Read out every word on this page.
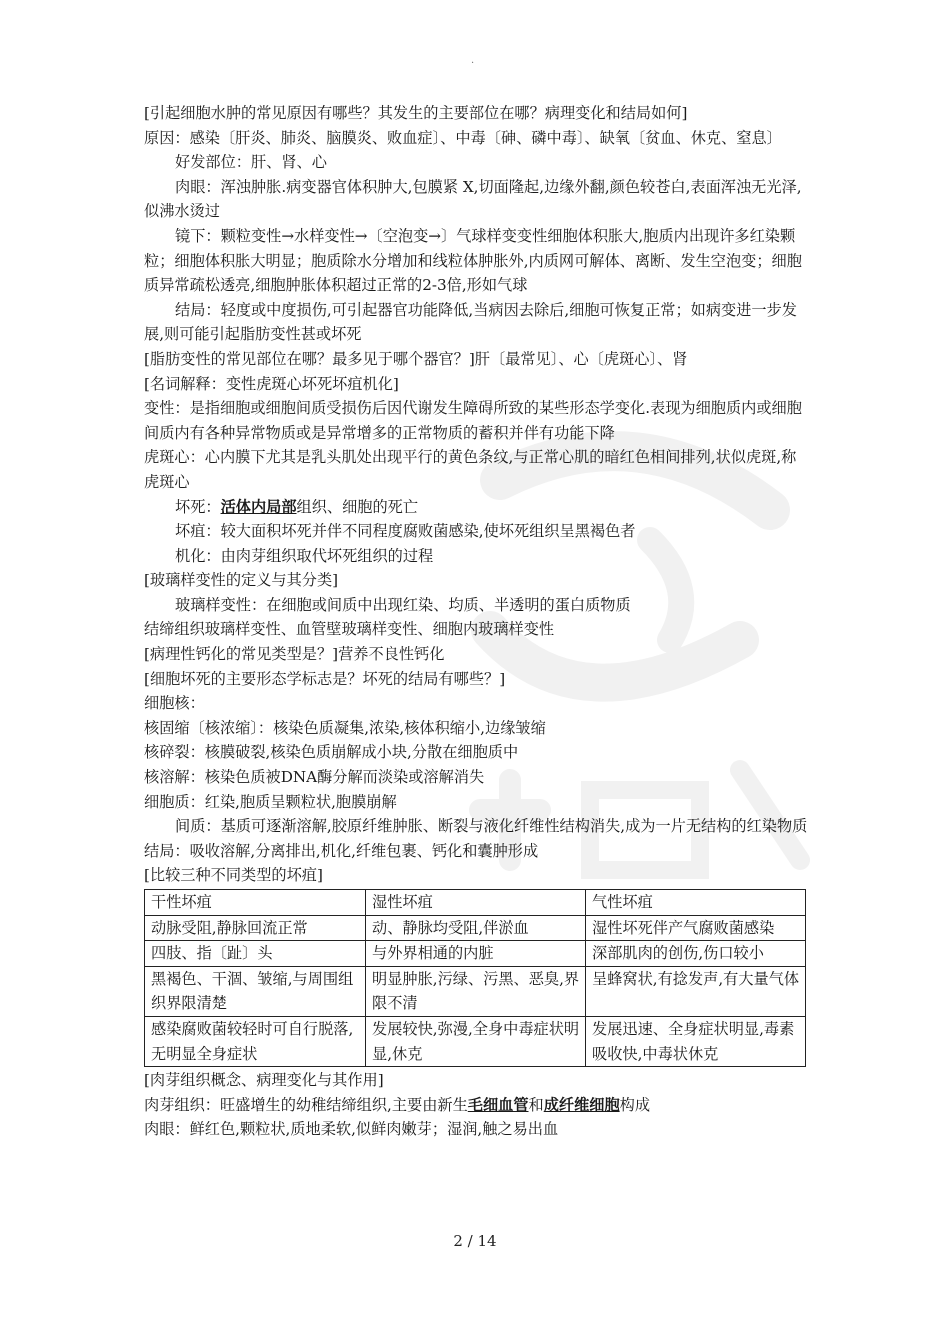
·

[引起细胞水肿的常见原因有哪些？其发生的主要部位在哪？病理变化和结局如何]

原因：感染〔肝炎、肺炎、脑膜炎、败血症〕、中毒〔砷、磷中毒〕、缺氧〔贫血、休克、窒息〕

好发部位：肝、肾、心

肉眼：浑浊肿胀.病变器官体积肿大,包膜紧 X,切面隆起,边缘外翻,颜色较苍白,表面浑浊无光泽,似沸水烫过

镜下：颗粒变性→水样变性→〔空泡变→〕气球样变变性细胞体积胀大,胞质内出现许多红染颗粒；细胞体积胀大明显；胞质除水分增加和线粒体肿胀外,内质网可解体、离断、发生空泡变；细胞质异常疏松透亮,细胞肿胀体积超过正常的2-3倍,形如气球

结局：轻度或中度损伤,可引起器官功能降低,当病因去除后,细胞可恢复正常；如病变进一步发展,则可能引起脂肪变性甚或坏死

[脂肪变性的常见部位在哪？最多见于哪个器官？]肝〔最常见〕、心〔虎斑心〕、肾

[名词解释：变性虎斑心坏死坏疽机化]

变性：是指细胞或细胞间质受损伤后因代谢发生障碍所致的某些形态学变化.表现为细胞质内或细胞间质内有各种异常物质或是异常增多的正常物质的蓄积并伴有功能下降

虎斑心：心内膜下尤其是乳头肌处出现平行的黄色条纹,与正常心肌的暗红色相间排列,状似虎斑,称虎斑心

坏死：活体内局部组织、细胞的死亡

坏疽：较大面积坏死并伴不同程度腐败菌感染,使坏死组织呈黑褐色者

机化：由肉芽组织取代坏死组织的过程

[玻璃样变性的定义与其分类]

玻璃样变性：在细胞或间质中出现红染、均质、半透明的蛋白质物质

结缔组织玻璃样变性、血管壁玻璃样变性、细胞内玻璃样变性

[病理性钙化的常见类型是？]营养不良性钙化

[细胞坏死的主要形态学标志是？坏死的结局有哪些？]

细胞核：

核固缩〔核浓缩〕：核染色质凝集,浓染,核体积缩小,边缘皱缩

核碎裂：核膜破裂,核染色质崩解成小块,分散在细胞质中

核溶解：核染色质被DNA酶分解而淡染或溶解消失

细胞质：红染,胞质呈颗粒状,胞膜崩解

间质：基质可逐渐溶解,胶原纤维肿胀、断裂与液化纤维性结构消失,成为一片无结构的红染物质

结局：吸收溶解,分离排出,机化,纤维包裹、钙化和囊肿形成

[比较三种不同类型的坏疽]

干性坏疽	湿性坏疽	气性坏疽
动脉受阻,静脉回流正常	动、静脉均受阻,伴淤血	湿性坏死伴产气腐败菌感染
四肢、指〔趾〕头	与外界相通的内脏	深部肌肉的创伤,伤口较小
黑褐色、干涸、皱缩,与周围组织界限清楚	明显肿胀,污绿、污黑、恶臭,界限不清	呈蜂窝状,有捻发声,有大量气体
感染腐败菌较轻时可自行脱落,无明显全身症状	发展较快,弥漫,全身中毒症状明显,休克	发展迅速、全身症状明显,毒素吸收快,中毒状休克

[肉芽组织概念、病理变化与其作用]

肉芽组织：旺盛增生的幼稚结缔组织,主要由新生毛细血管和成纤维细胞构成

肉眼：鲜红色,颗粒状,质地柔软,似鲜肉嫩芽；湿润,触之易出血

2 / 14
